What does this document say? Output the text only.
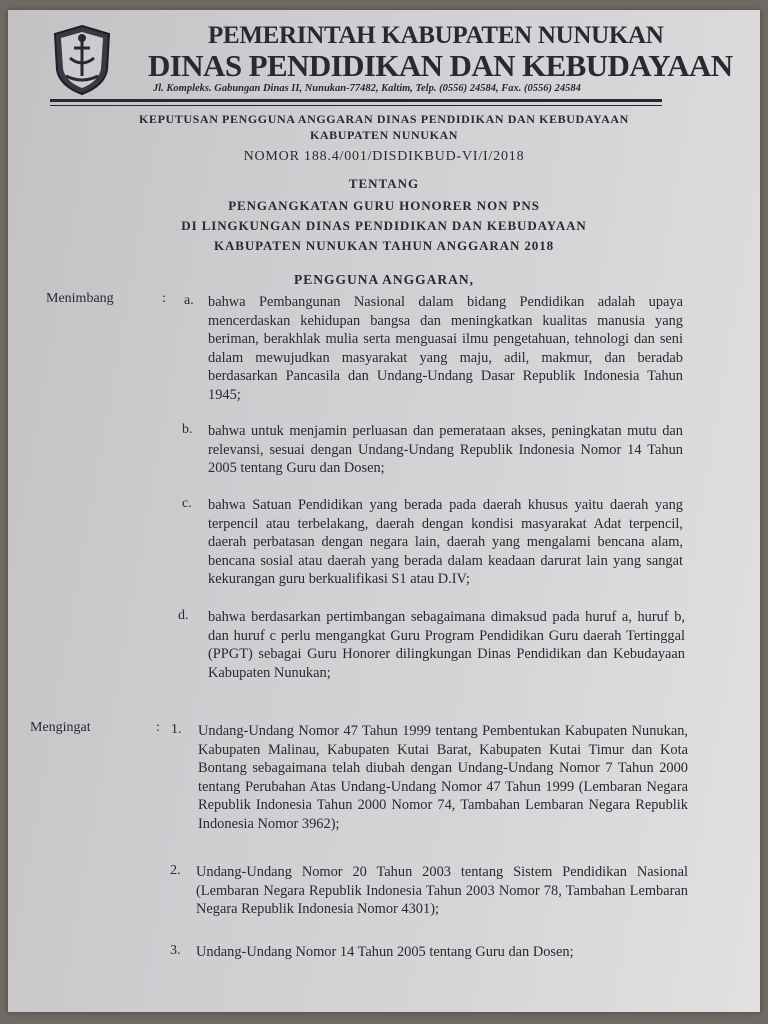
PEMERINTAH KABUPATEN NUNUKAN
DINAS PENDIDIKAN DAN KEBUDAYAAN
Jl. Kompleks. Gabungan Dinas II, Nunukan-77482, Kaltim, Telp. (0556) 24584, Fax. (0556) 24584
KEPUTUSAN PENGGUNA ANGGARAN DINAS PENDIDIKAN DAN KEBUDAYAAN
KABUPATEN NUNUKAN
NOMOR 188.4/001/DISDIKBUD-VI/I/2018
TENTANG
PENGANGKATAN GURU HONORER NON PNS
DI LINGKUNGAN DINAS PENDIDIKAN DAN KEBUDAYAAN
KABUPATEN NUNUKAN TAHUN ANGGARAN 2018
PENGGUNA ANGGARAN,
Menimbang	: a. bahwa Pembangunan Nasional dalam bidang Pendidikan adalah upaya mencerdaskan kehidupan bangsa dan meningkatkan kualitas manusia yang beriman, berakhlak mulia serta menguasai ilmu pengetahuan, tehnologi dan seni dalam mewujudkan masyarakat yang maju, adil, makmur, dan beradab berdasarkan Pancasila dan Undang-Undang Dasar Republik Indonesia Tahun 1945;
b. bahwa untuk menjamin perluasan dan pemerataan akses, peningkatan mutu dan relevansi, sesuai dengan Undang-Undang Republik Indonesia Nomor 14 Tahun 2005 tentang Guru dan Dosen;
c. bahwa Satuan Pendidikan yang berada pada daerah khusus yaitu daerah yang terpencil atau terbelakang, daerah dengan kondisi masyarakat Adat terpencil, daerah perbatasan dengan negara lain, daerah yang mengalami bencana alam, bencana sosial atau daerah yang berada dalam keadaan darurat lain yang sangat kekurangan guru berkualifikasi S1 atau D.IV;
d. bahwa berdasarkan pertimbangan sebagaimana dimaksud pada huruf a, huruf b, dan huruf c perlu mengangkat Guru Program Pendidikan Guru daerah Tertinggal (PPGT) sebagai Guru Honorer dilingkungan Dinas Pendidikan dan Kebudayaan Kabupaten Nunukan;
Mengingat	: 1. Undang-Undang Nomor 47 Tahun 1999 tentang Pembentukan Kabupaten Nunukan, Kabupaten Malinau, Kabupaten Kutai Barat, Kabupaten Kutai Timur dan Kota Bontang sebagaimana telah diubah dengan Undang-Undang Nomor 7 Tahun 2000 tentang Perubahan Atas Undang-Undang Nomor 47 Tahun 1999 (Lembaran Negara Republik Indonesia Tahun 2000 Nomor 74, Tambahan Lembaran Negara Republik Indonesia Nomor 3962);
2. Undang-Undang Nomor 20 Tahun 2003 tentang Sistem Pendidikan Nasional (Lembaran Negara Republik Indonesia Tahun 2003 Nomor 78, Tambahan Lembaran Negara Republik Indonesia Nomor 4301);
3. Undang-Undang Nomor 14 Tahun 2005 tentang Guru dan Dosen;
